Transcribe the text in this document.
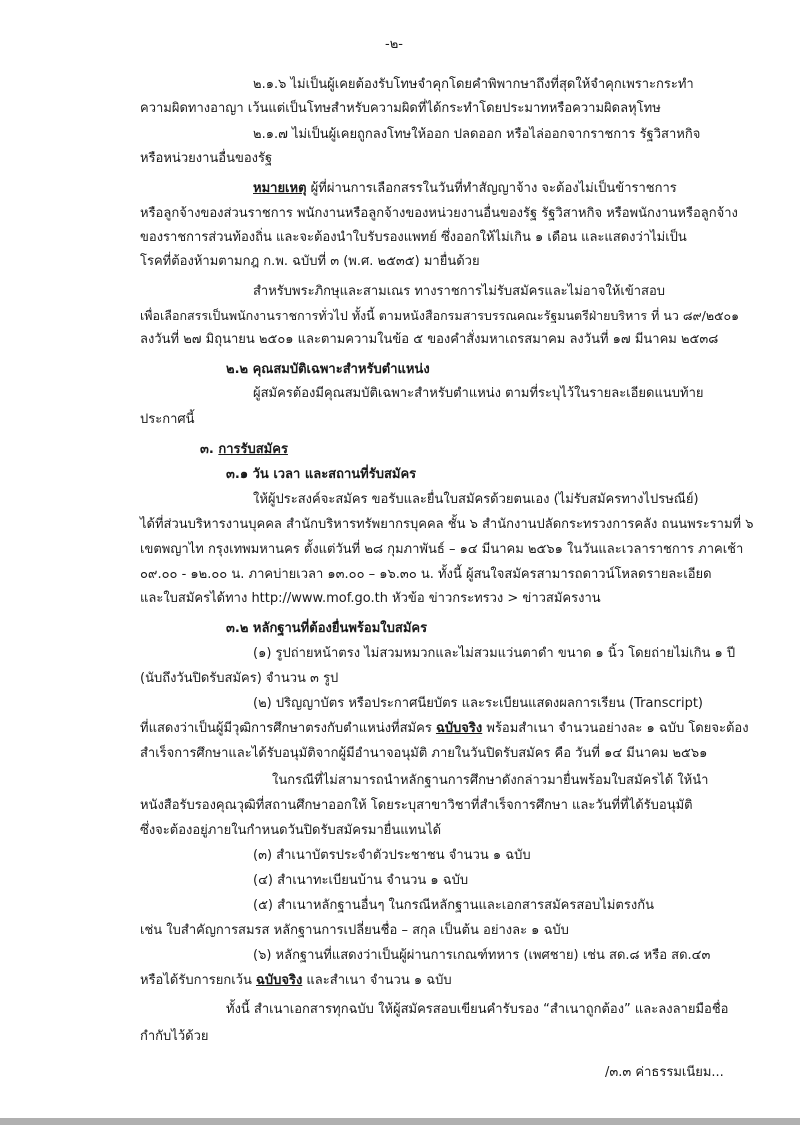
-๒-
๒.๑.๖ ไม่เป็นผู้เคยต้องรับโทษจำคุกโดยคำพิพากษาถึงที่สุดให้จำคุกเพราะกระทำ
ความผิดทางอาญา เว้นแต่เป็นโทษสำหรับความผิดที่ได้กระทำโดยประมาทหรือความผิดลหุโทษ
๒.๑.๗ ไม่เป็นผู้เคยถูกลงโทษให้ออก ปลดออก หรือไล่ออกจากราชการ รัฐวิสาหกิจ
หรือหน่วยงานอื่นของรัฐ
หมายเหตุ ผู้ที่ผ่านการเลือกสรรในวันที่ทำสัญญาจ้าง จะต้องไม่เป็นข้าราชการ
หรือลูกจ้างของส่วนราชการ พนักงานหรือลูกจ้างของหน่วยงานอื่นของรัฐ รัฐวิสาหกิจ หรือพนักงานหรือลูกจ้าง
ของราชการส่วนท้องถิ่น และจะต้องนำใบรับรองแพทย์ ซึ่งออกให้ไม่เกิน ๑ เดือน และแสดงว่าไม่เป็น
โรคที่ต้องห้ามตามกฎ ก.พ. ฉบับที่ ๓ (พ.ศ. ๒๕๓๕) มายื่นด้วย
สำหรับพระภิกษุและสามเณร ทางราชการไม่รับสมัครและไม่อาจให้เข้าสอบ
เพื่อเลือกสรรเป็นพนักงานราชการทั่วไป ทั้งนี้ ตามหนังสือกรมสารบรรณคณะรัฐมนตรีฝ่ายบริหาร ที่ นว ๘๙/๒๕๐๑
ลงวันที่ ๒๗ มิถุนายน ๒๕๐๑ และตามความในข้อ ๕ ของคำสั่งมหาเถรสมาคม ลงวันที่ ๑๗ มีนาคม ๒๕๓๘
๒.๒ คุณสมบัติเฉพาะสำหรับตำแหน่ง
ผู้สมัครต้องมีคุณสมบัติเฉพาะสำหรับตำแหน่ง ตามที่ระบุไว้ในรายละเอียดแนบท้าย
ประกาศนี้
๓. การรับสมัคร
๓.๑ วัน เวลา และสถานที่รับสมัคร
ให้ผู้ประสงค์จะสมัคร ขอรับและยื่นใบสมัครด้วยตนเอง (ไม่รับสมัครทางไปรษณีย์)
ได้ที่ส่วนบริหารงานบุคคล สำนักบริหารทรัพยากรบุคคล ชั้น ๖ สำนักงานปลัดกระทรวงการคลัง ถนนพระรามที่ ๖
เขตพญาไท กรุงเทพมหานคร ตั้งแต่วันที่ ๒๘ กุมภาพันธ์ – ๑๔ มีนาคม ๒๕๖๑ ในวันและเวลาราชการ ภาคเช้า
๐๙.๐๐ - ๑๒.๐๐ น. ภาคบ่ายเวลา ๑๓.๐๐ – ๑๖.๓๐ น. ทั้งนี้ ผู้สนใจสมัครสามารถดาวน์โหลดรายละเอียด
และใบสมัครได้ทาง http://www.mof.go.th หัวข้อ ข่าวกระทรวง > ข่าวสมัครงาน
๓.๒ หลักฐานที่ต้องยื่นพร้อมใบสมัคร
(๑) รูปถ่ายหน้าตรง ไม่สวมหมวกและไม่สวมแว่นตาดำ ขนาด ๑ นิ้ว โดยถ่ายไม่เกิน ๑ ปี
(นับถึงวันปิดรับสมัคร) จำนวน ๓ รูป
(๒) ปริญญาบัตร หรือประกาศนียบัตร และระเบียนแสดงผลการเรียน (Transcript)
ที่แสดงว่าเป็นผู้มีวุฒิการศึกษาตรงกับตำแหน่งที่สมัคร ฉบับจริง พร้อมสำเนา จำนวนอย่างละ ๑ ฉบับ โดยจะต้อง
สำเร็จการศึกษาและได้รับอนุมัติจากผู้มีอำนาจอนุมัติ ภายในวันปิดรับสมัคร คือ วันที่ ๑๔ มีนาคม ๒๕๖๑
ในกรณีที่ไม่สามารถนำหลักฐานการศึกษาดังกล่าวมายื่นพร้อมใบสมัครได้ ให้นำ
หนังสือรับรองคุณวุฒิที่สถานศึกษาออกให้ โดยระบุสาขาวิชาที่สำเร็จการศึกษา และวันที่ที่ได้รับอนุมัติ
ซึ่งจะต้องอยู่ภายในกำหนดวันปิดรับสมัครมายื่นแทนได้
(๓) สำเนาบัตรประจำตัวประชาชน จำนวน ๑ ฉบับ
(๔) สำเนาทะเบียนบ้าน จำนวน ๑ ฉบับ
(๕) สำเนาหลักฐานอื่นๆ ในกรณีหลักฐานและเอกสารสมัครสอบไม่ตรงกัน
เช่น ใบสำคัญการสมรส หลักฐานการเปลี่ยนชื่อ – สกุล เป็นต้น อย่างละ ๑ ฉบับ
(๖) หลักฐานที่แสดงว่าเป็นผู้ผ่านการเกณฑ์ทหาร (เพศชาย) เช่น สด.๘ หรือ สด.๔๓
หรือได้รับการยกเว้น ฉบับจริง และสำเนา จำนวน ๑ ฉบับ
ทั้งนี้ สำเนาเอกสารทุกฉบับ ให้ผู้สมัครสอบเขียนคำรับรอง “สำเนาถูกต้อง” และลงลายมือชื่อ
กำกับไว้ด้วย
/๓.๓ ค่าธรรมเนียม...
